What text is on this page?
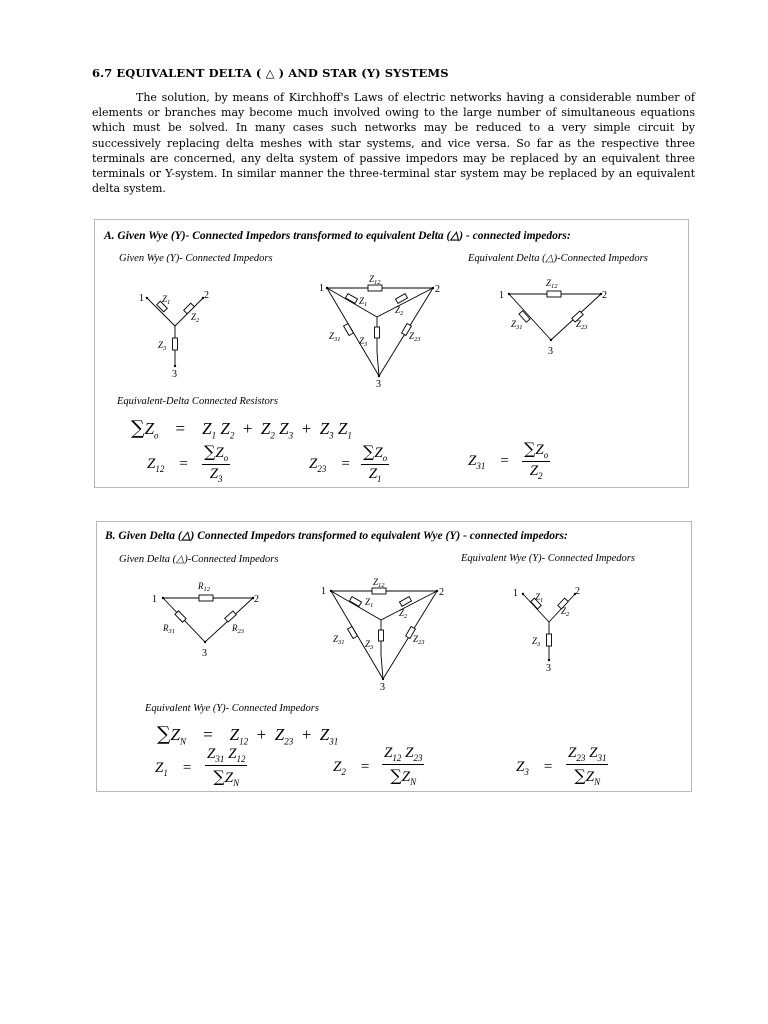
6.7 EQUIVALENT DELTA ( △ ) AND STAR (Y) SYSTEMS

The solution, by means of Kirchhoff's Laws of electric networks having a considerable number of elements or branches may become much involved owing to the large number of simultaneous equations which must be solved. In many cases such networks may be reduced to a very simple circuit by successively replacing delta meshes with star systems, and vice versa. So far as the respective three terminals are concerned, any delta system of passive impedors may be replaced by an equivalent three terminals or Y-system. In similar manner the three-terminal star system may be replaced by an equivalent delta system.

A. Given Wye (Y)- Connected Impedors transformed to equivalent Delta (△) - connected impedors:
Given Wye (Y)- Connected Impedors	Equivalent Delta (△)-Connected Impedors
1	2
3
$Z_1$
$Z_2$
$Z_3$
1	2
3
$Z_{12}$
$Z_1$
$Z_2$
$Z_{31}$	$Z_{23}$
$Z_3$
1	2
3
$Z_{12}$
$Z_{31}$	$Z_{23}$
Equivalent-Delta Connected Resistors
$\sum Z_o = Z_1$ $Z_2 + Z_2$ $Z_3 + Z_3$ $Z_1$
$Z_{12} = \frac{\sum Z_o}{Z_3}$	$Z_{23} = \frac{\sum Z_o}{Z_1}$	$Z_{31} = \frac{\sum Z_o}{Z_2}$
B. Given Delta (△) Connected Impedors transformed to equivalent Wye (Y) - connected impedors:
Given Delta (△)-Connected Impedors	Equivalent Wye (Y)- Connected Impedors
1	2
3
$R_{12}$
$R_{31}$	$R_{23}$
1	2
3
$Z_{12}$
$Z_1$
$Z_2$
$Z_{31}$	$Z_{23}$
$Z_3$
1	2
3
$Z_1$
$Z_2$
$Z_3$
Equivalent Wye (Y)- Connected Impedors
$\sum Z_N = Z_{12} + Z_{23} + Z_{31}$
$Z_1 = \frac{Z_{31} Z_{12}}{\sum Z_N}$	$Z_2 = \frac{Z_{12} Z_{23}}{\sum Z_N}$	$Z_3 = \frac{Z_{23} Z_{31}}{\sum Z_N}$
